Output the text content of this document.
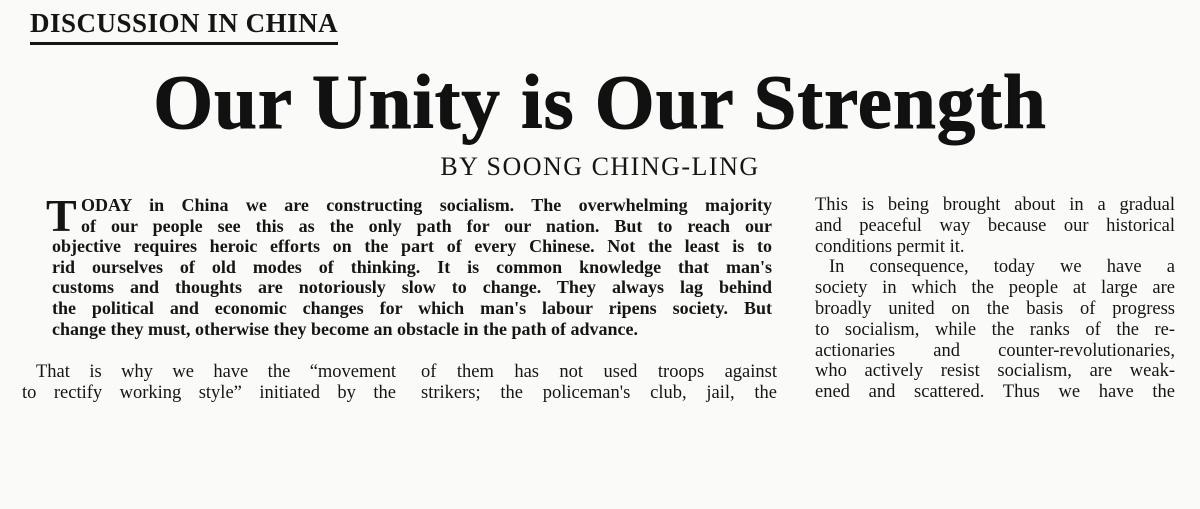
DISCUSSION IN CHINA
Our Unity is Our Strength
BY SOONG CHING-LING
T ODAY in China we are constructing socialism. The overwhelming majority
of our people see this as the only path for our nation. But to reach our
objective requires heroic efforts on the part of every Chinese. Not the least is to
rid ourselves of old modes of thinking. It is common knowledge that man's
customs and thoughts are notoriously slow to change. They always lag behind
the political and economic changes for which man's labour ripens society. But
change they must, otherwise they become an obstacle in the path of advance.
That is why we have the “movement
to rectify working style” initiated by the
of them has not used troops against
strikers; the policeman's club, jail, the
This is being brought about in a gradual
and peaceful way because our historical
conditions permit it.
In consequence, today we have a
society in which the people at large are
broadly united on the basis of progress
to socialism, while the ranks of the re-
actionaries and counter-revolutionaries,
who actively resist socialism, are weak-
ened and scattered. Thus we have the
